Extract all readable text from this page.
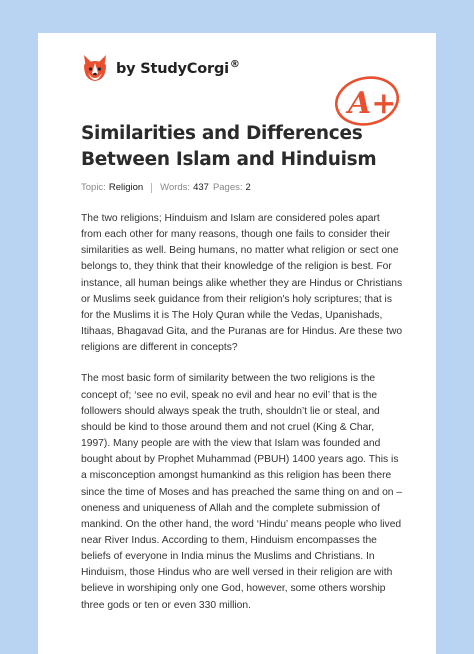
by StudyCorgi®
A+
Similarities and Differences Between Islam and Hinduism
Topic: Religion Words: 437 Pages: 2

The two religions; Hinduism and Islam are considered poles apart from each other for many reasons, though one fails to consider their similarities as well. Being humans, no matter what religion or sect one belongs to, they think that their knowledge of the religion is best. For instance, all human beings alike whether they are Hindus or Christians or Muslims seek guidance from their religion's holy scriptures; that is for the Muslims it is The Holy Quran while the Vedas, Upanishads, Itihaas, Bhagavad Gita, and the Puranas are for Hindus. Are these two religions are different in concepts?

The most basic form of similarity between the two religions is the concept of; ‘see no evil, speak no evil and hear no evil’ that is the followers should always speak the truth, shouldn’t lie or steal, and should be kind to those around them and not cruel (King & Char, 1997). Many people are with the view that Islam was founded and bought about by Prophet Muhammad (PBUH) 1400 years ago. This is a misconception amongst humankind as this religion has been there since the time of Moses and has preached the same thing on and on – oneness and uniqueness of Allah and the complete submission of mankind. On the other hand, the word ‘Hindu’ means people who lived near River Indus. According to them, Hinduism encompasses the beliefs of everyone in India minus the Muslims and Christians. In Hinduism, those Hindus who are well versed in their religion are with believe in worshiping only one God, however, some others worship three gods or ten or even 330 million.
